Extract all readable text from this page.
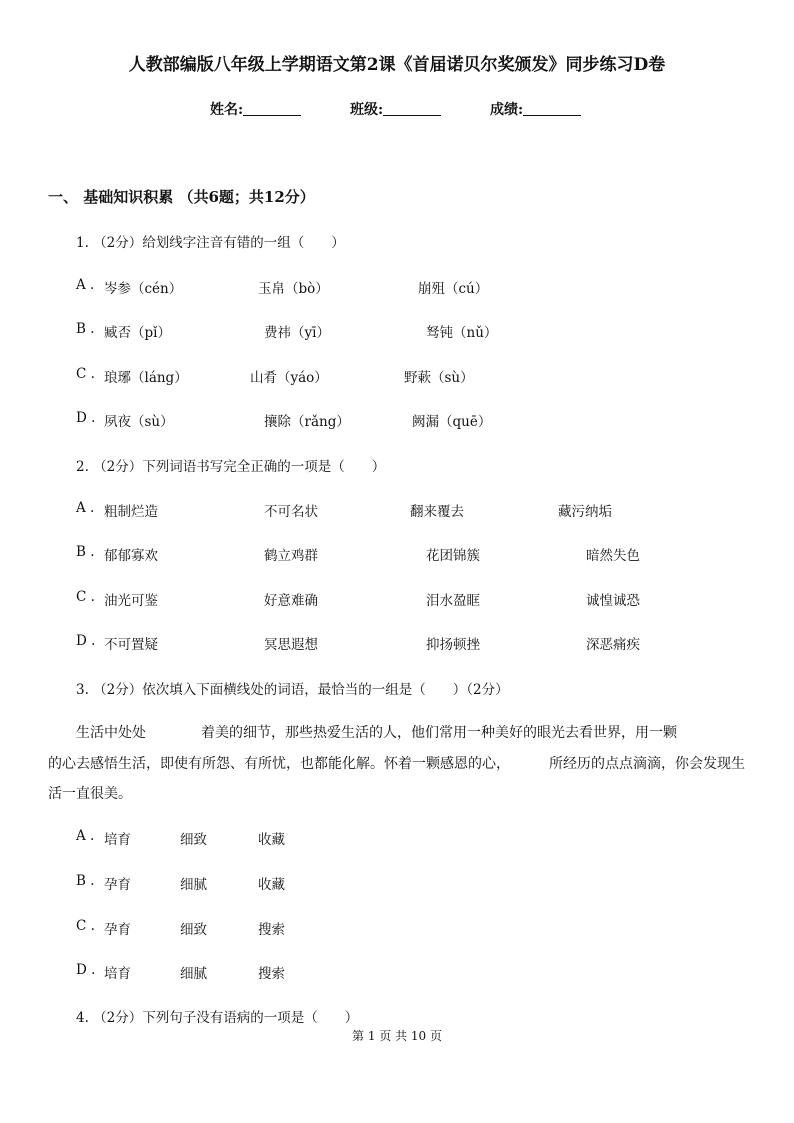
人教部编版八年级上学期语文第2课《首届诺贝尔奖颁发》同步练习D卷
姓名:	班级:	成绩:
一、 基础知识积累 （共6题；共12分）
1. （2分）给划线字注音有错的一组（　　）
A . 岑参（cén）	玉帛（bò）	崩殂（cú）
B . 臧否（pǐ）	费祎（yī）	驽钝（nǔ）
C . 琅琊（láng）	山肴（yáo）	野蔌（sù）
D . 夙夜（sù）	攘除（rǎng）	阙漏（quē）
2. （2分）下列词语书写完全正确的一项是（　　）
A . 粗制烂造	不可名状	翻来覆去	藏污纳垢
B . 郁郁寡欢	鹤立鸡群	花团锦簇	暗然失色
C . 油光可鉴	好意难确	泪水盈眶	诚惶诚恐
D . 不可置疑	冥思遐想	抑扬顿挫	深恶痛疾
3. （2分）依次填入下面横线处的词语，最恰当的一组是（　　）（2分）
生活中处处	着美的细节，那些热爱生活的人，他们常用一种美好的眼光去看世界，用一颗
的心去感悟生活，即使有所怨、有所忧，也都能化解。怀着一颗感恩的心，	所经历的点点滴滴，你会发现生
活一直很美。
A . 培育	细致	收藏
B . 孕育	细腻	收藏
C . 孕育	细致	搜索
D . 培育	细腻	搜索
4. （2分）下列句子没有语病的一项是（　　）
第 1 页 共 10 页
